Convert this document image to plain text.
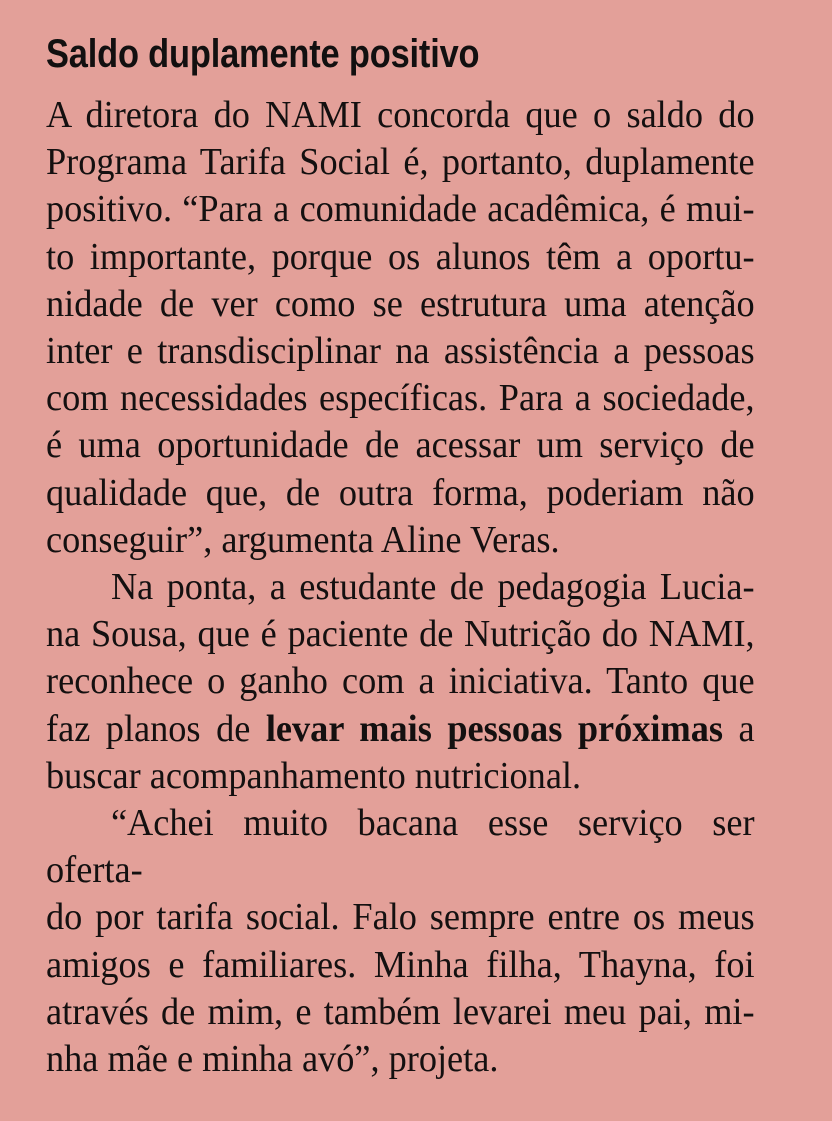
Saldo duplamente positivo

A diretora do NAMI concorda que o saldo do
Programa Tarifa Social é, portanto, duplamente
positivo. “Para a comunidade acadêmica, é mui-
to importante, porque os alunos têm a oportu-
nidade de ver como se estrutura uma atenção
inter e transdisciplinar na assistência a pessoas
com necessidades específicas. Para a sociedade,
é uma oportunidade de acessar um serviço de
qualidade que, de outra forma, poderiam não
conseguir”, argumenta Aline Veras.

Na ponta, a estudante de pedagogia Lucia-
na Sousa, que é paciente de Nutrição do NAMI,
reconhece o ganho com a iniciativa. Tanto que
faz planos de levar mais pessoas próximas a
buscar acompanhamento nutricional.

“Achei muito bacana esse serviço ser oferta-
do por tarifa social. Falo sempre entre os meus
amigos e familiares. Minha filha, Thayna, foi
através de mim, e também levarei meu pai, mi-
nha mãe e minha avó”, projeta.
